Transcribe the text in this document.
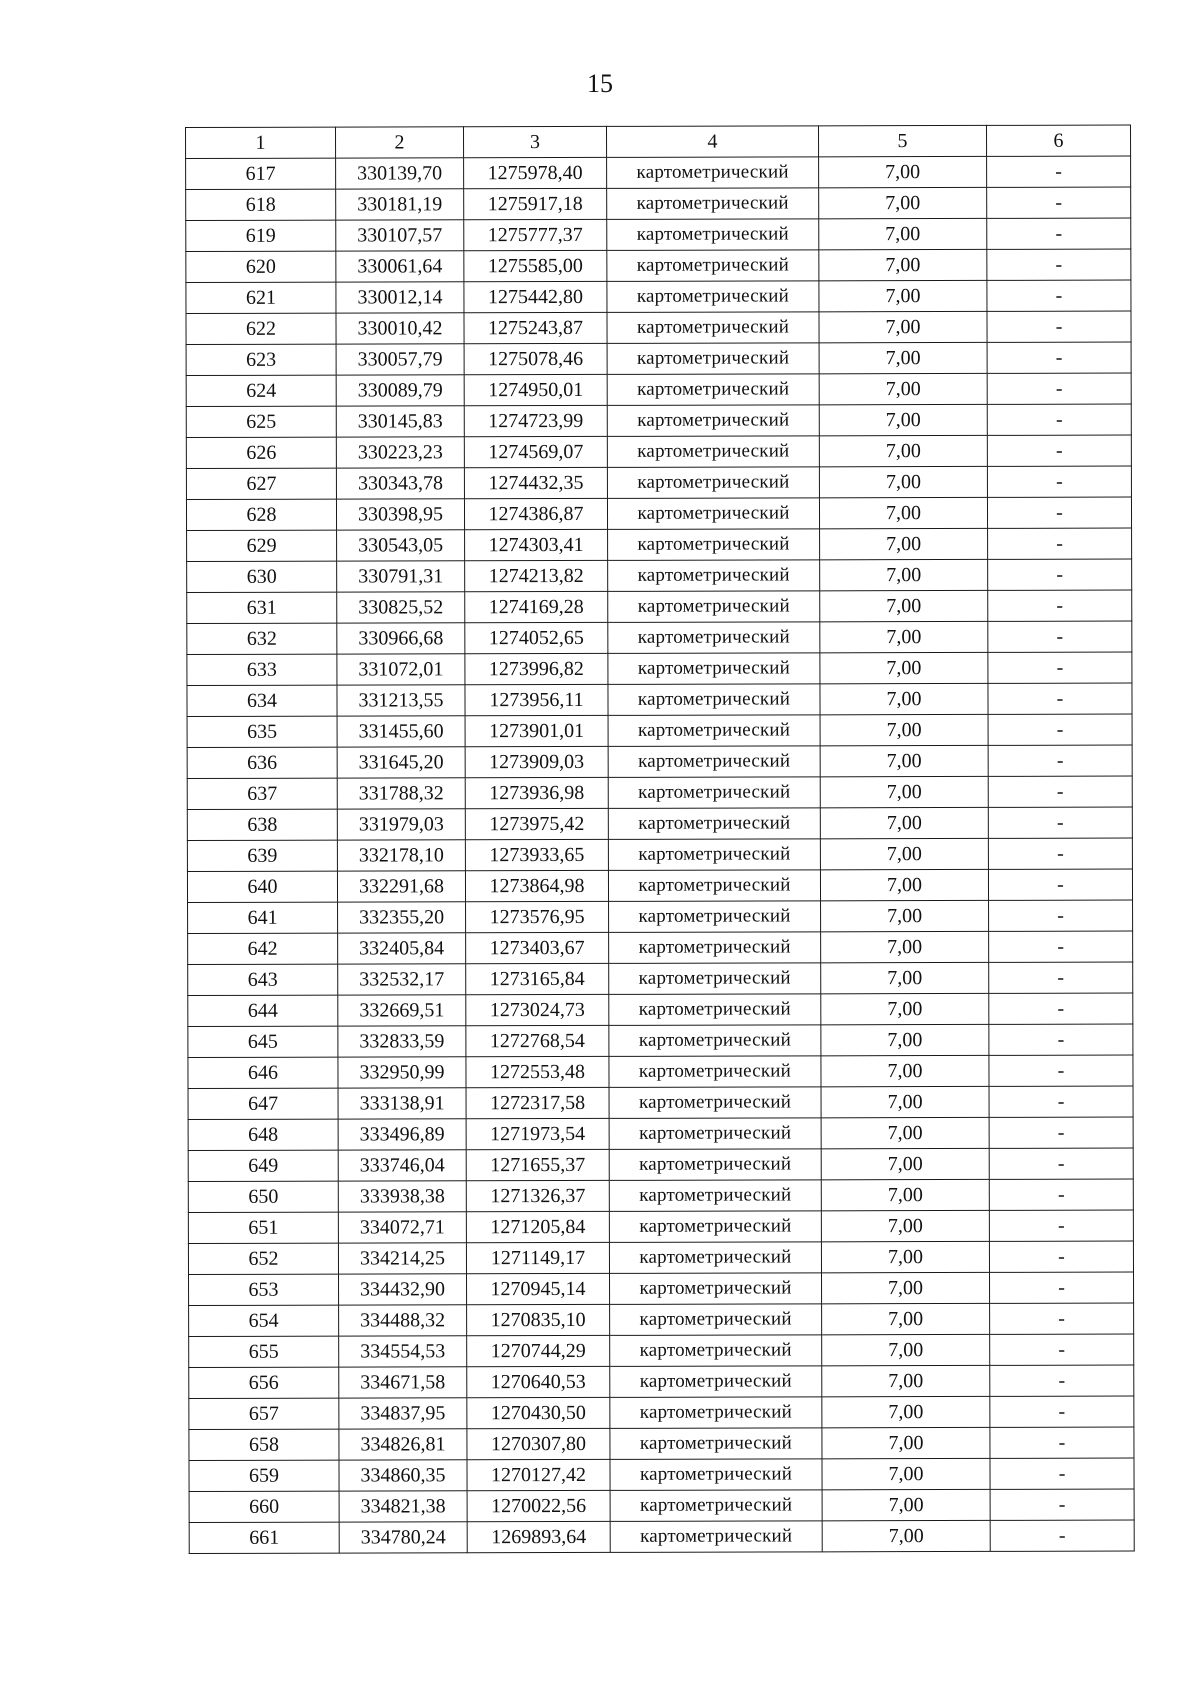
15
1	2	3	4	5	6
617	330139,70	1275978,40	картометрический	7,00	-
618	330181,19	1275917,18	картометрический	7,00	-
619	330107,57	1275777,37	картометрический	7,00	-
620	330061,64	1275585,00	картометрический	7,00	-
621	330012,14	1275442,80	картометрический	7,00	-
622	330010,42	1275243,87	картометрический	7,00	-
623	330057,79	1275078,46	картометрический	7,00	-
624	330089,79	1274950,01	картометрический	7,00	-
625	330145,83	1274723,99	картометрический	7,00	-
626	330223,23	1274569,07	картометрический	7,00	-
627	330343,78	1274432,35	картометрический	7,00	-
628	330398,95	1274386,87	картометрический	7,00	-
629	330543,05	1274303,41	картометрический	7,00	-
630	330791,31	1274213,82	картометрический	7,00	-
631	330825,52	1274169,28	картометрический	7,00	-
632	330966,68	1274052,65	картометрический	7,00	-
633	331072,01	1273996,82	картометрический	7,00	-
634	331213,55	1273956,11	картометрический	7,00	-
635	331455,60	1273901,01	картометрический	7,00	-
636	331645,20	1273909,03	картометрический	7,00	-
637	331788,32	1273936,98	картометрический	7,00	-
638	331979,03	1273975,42	картометрический	7,00	-
639	332178,10	1273933,65	картометрический	7,00	-
640	332291,68	1273864,98	картометрический	7,00	-
641	332355,20	1273576,95	картометрический	7,00	-
642	332405,84	1273403,67	картометрический	7,00	-
643	332532,17	1273165,84	картометрический	7,00	-
644	332669,51	1273024,73	картометрический	7,00	-
645	332833,59	1272768,54	картометрический	7,00	-
646	332950,99	1272553,48	картометрический	7,00	-
647	333138,91	1272317,58	картометрический	7,00	-
648	333496,89	1271973,54	картометрический	7,00	-
649	333746,04	1271655,37	картометрический	7,00	-
650	333938,38	1271326,37	картометрический	7,00	-
651	334072,71	1271205,84	картометрический	7,00	-
652	334214,25	1271149,17	картометрический	7,00	-
653	334432,90	1270945,14	картометрический	7,00	-
654	334488,32	1270835,10	картометрический	7,00	-
655	334554,53	1270744,29	картометрический	7,00	-
656	334671,58	1270640,53	картометрический	7,00	-
657	334837,95	1270430,50	картометрический	7,00	-
658	334826,81	1270307,80	картометрический	7,00	-
659	334860,35	1270127,42	картометрический	7,00	-
660	334821,38	1270022,56	картометрический	7,00	-
661	334780,24	1269893,64	картометрический	7,00	-
